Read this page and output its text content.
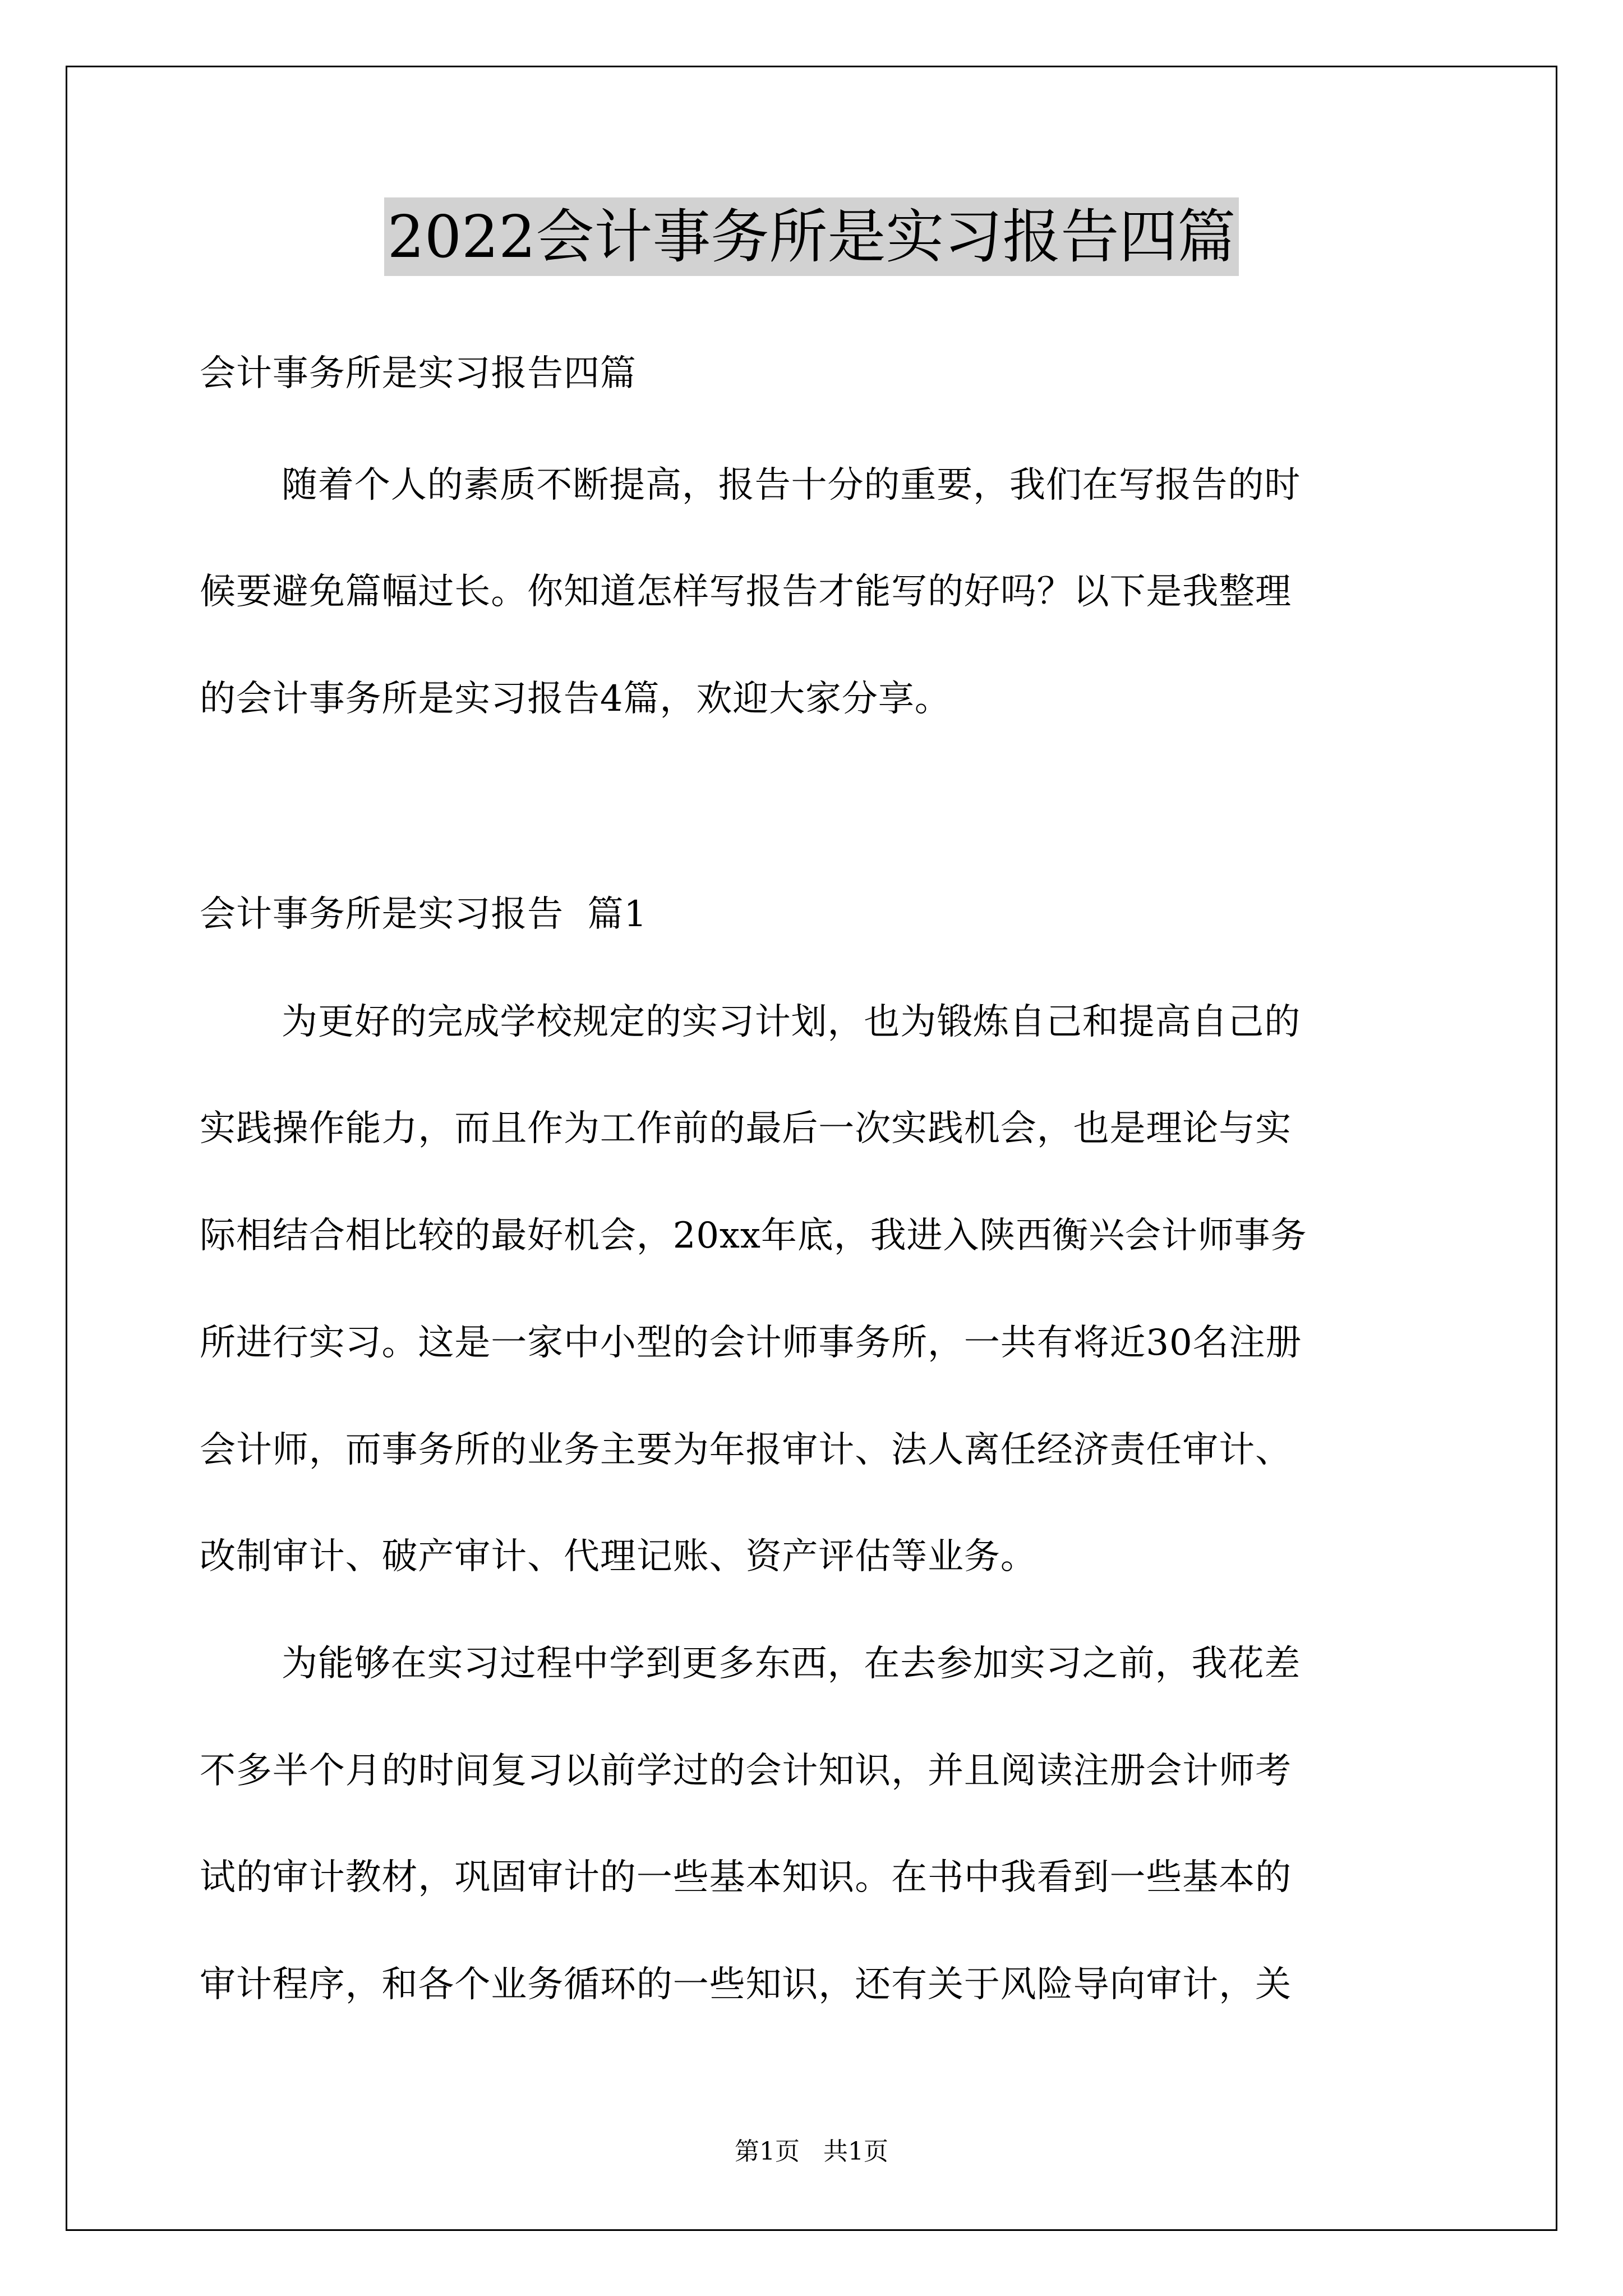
2022会计事务所是实习报告四篇
会计事务所是实习报告四篇
随着个人的素质不断提高，报告十分的重要，我们在写报告的时
候要避免篇幅过长。你知道怎样写报告才能写的好吗？以下是我整理
的会计事务所是实习报告4篇，欢迎大家分享。
会计事务所是实习报告  篇1
为更好的完成学校规定的实习计划，也为锻炼自己和提高自己的
实践操作能力，而且作为工作前的最后一次实践机会，也是理论与实
际相结合相比较的最好机会，20xx年底，我进入陕西衡兴会计师事务
所进行实习。这是一家中小型的会计师事务所，一共有将近30名注册
会计师，而事务所的业务主要为年报审计、法人离任经济责任审计、
改制审计、破产审计、代理记账、资产评估等业务。
为能够在实习过程中学到更多东西，在去参加实习之前，我花差
不多半个月的时间复习以前学过的会计知识，并且阅读注册会计师考
试的审计教材，巩固审计的一些基本知识。在书中我看到一些基本的
审计程序，和各个业务循环的一些知识，还有关于风险导向审计，关
第1页   共1页
